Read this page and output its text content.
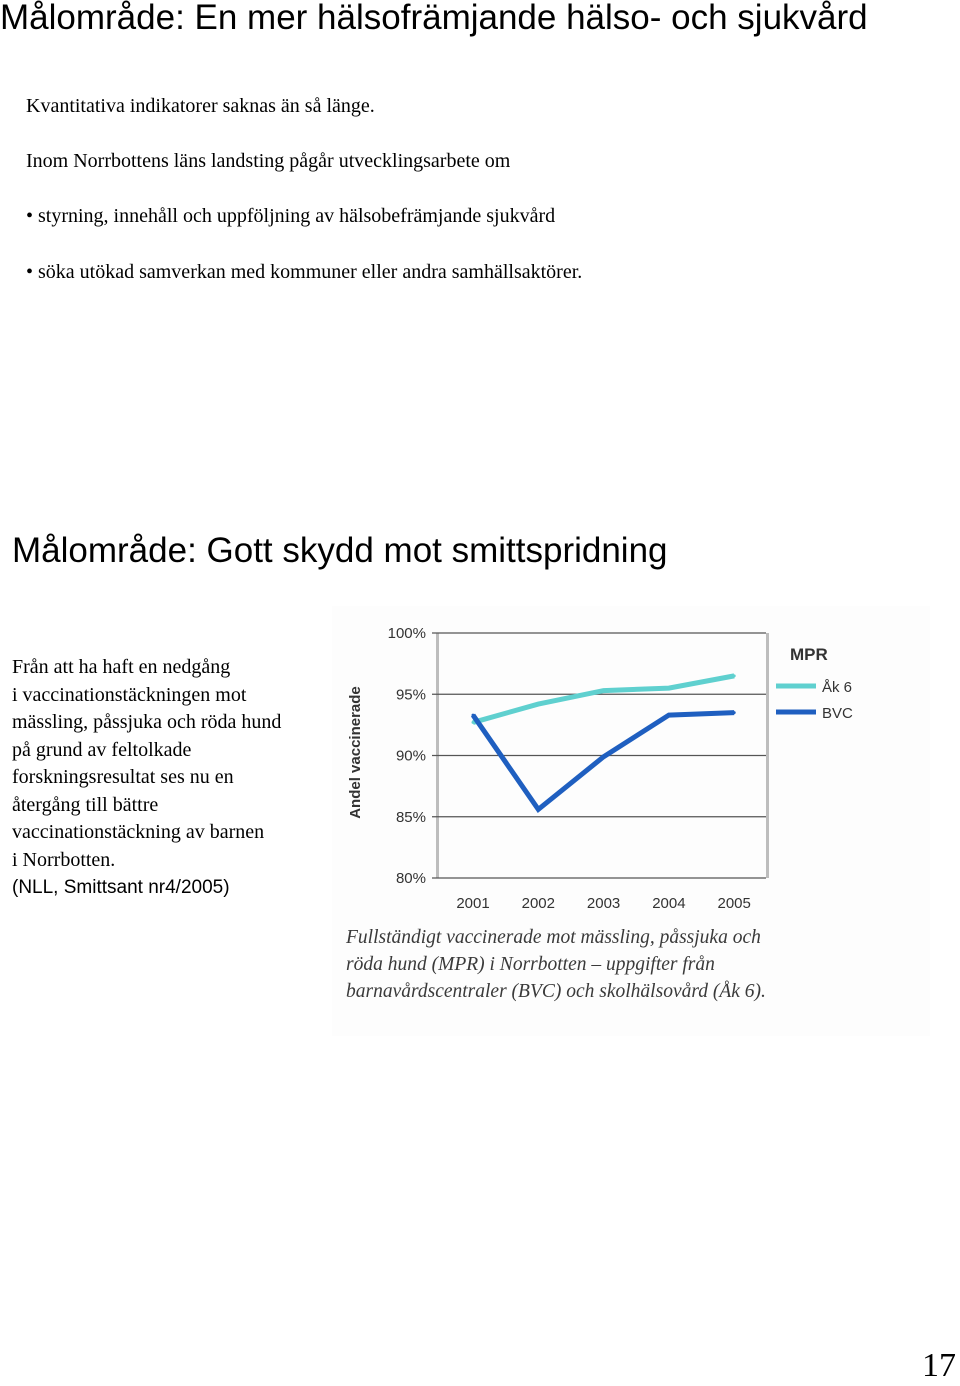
Målområde: En mer hälsofrämjande hälso- och sjukvård
Kvantitativa indikatorer saknas än så länge.
Inom Norrbottens läns landsting pågår utvecklingsarbete om
• styrning, innehåll och uppföljning av hälsobefrämjande sjukvård
• söka utökad samverkan med kommuner eller andra samhällsaktörer.
Målområde: Gott skydd mot smittspridning
Från att ha haft en nedgång
i vaccinationstäckningen mot
mässling, påssjuka och röda hund
på grund av feltolkade
forskningsresultat ses nu en
återgång till bättre
vaccinationstäckning av barnen
i Norrbotten.
(NLL, Smittsant nr4/2005)
100%
95%
90%
85%
80%
2001 2002 2003 2004 2005
Andel vaccinerade
MPR
Åk 6
BVC
Fullständigt vaccinerade mot mässling, påssjuka och
röda hund (MPR) i Norrbotten – uppgifter från
barnavårdscentraler (BVC) och skolhälsovård (Åk 6).
17
